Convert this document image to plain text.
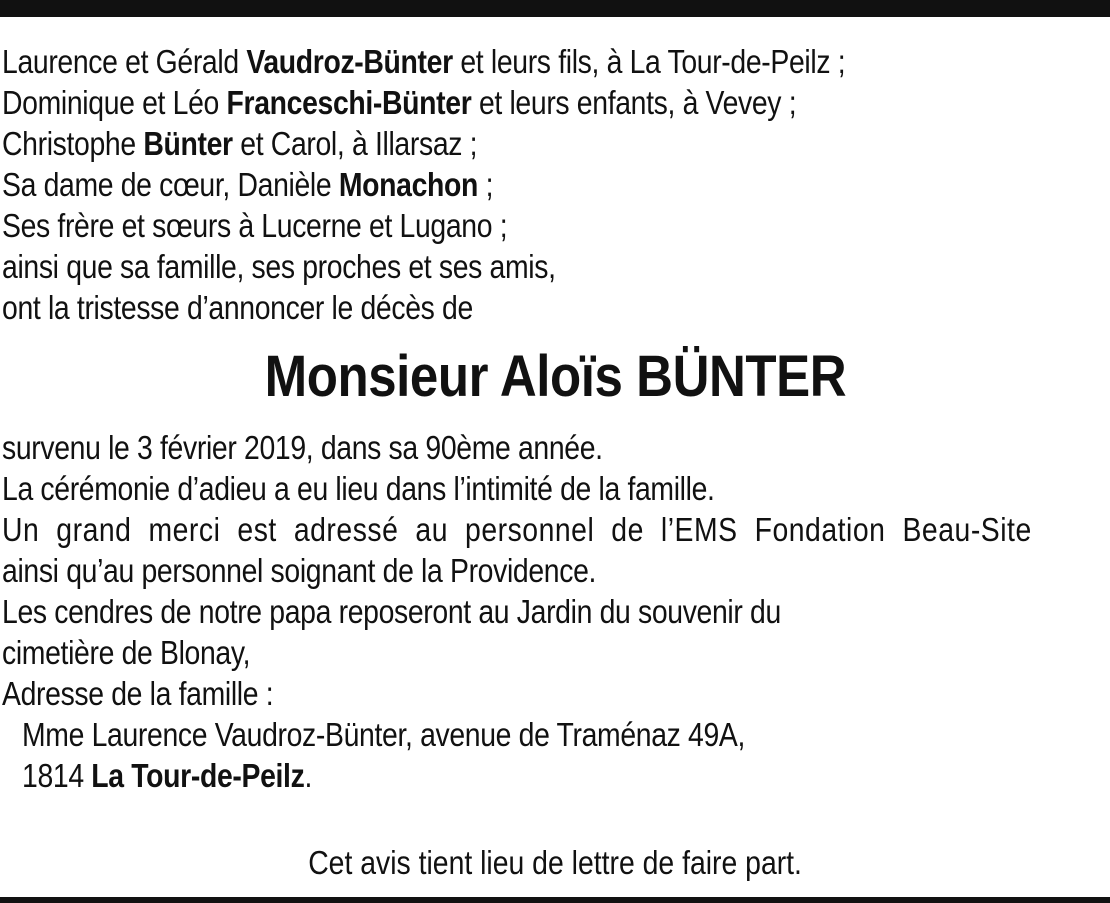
Laurence et Gérald Vaudroz-Bünter et leurs fils, à La Tour-de-Peilz ;
Dominique et Léo Franceschi-Bünter et leurs enfants, à Vevey ;
Christophe Bünter et Carol, à Illarsaz ;
Sa dame de cœur, Danièle Monachon ;
Ses frère et sœurs à Lucerne et Lugano ;
ainsi que sa famille, ses proches et ses amis,
ont la tristesse d’annoncer le décès de
Monsieur Aloïs BÜNTER
survenu le 3 février 2019, dans sa 90ème année.
La cérémonie d’adieu a eu lieu dans l’intimité de la famille.
Un grand merci est adressé au personnel de l’EMS Fondation Beau-Site
ainsi qu’au personnel soignant de la Providence.
Les cendres de notre papa reposeront au Jardin du souvenir du
cimetière de Blonay,
Adresse de la famille :
Mme Laurence Vaudroz-Bünter, avenue de Traménaz 49A,
1814 La Tour-de-Peilz.
Cet avis tient lieu de lettre de faire part.
